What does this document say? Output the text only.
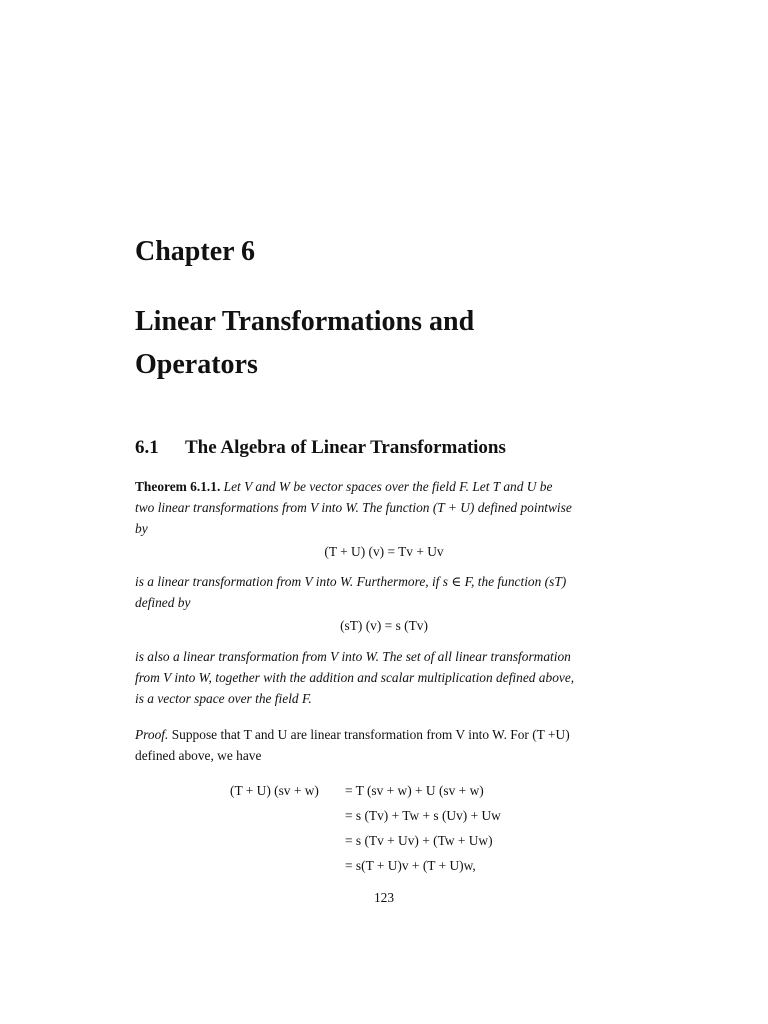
Chapter 6
Linear Transformations and
Operators
6.1 The Algebra of Linear Transformations
Theorem 6.1.1. Let V and W be vector spaces over the field F. Let T and U be
two linear transformations from V into W. The function (T + U) defined pointwise
by
(T + U) (v) = Tv + Uv
is a linear transformation from V into W. Furthermore, if s ∈ F, the function (sT)
defined by
(sT) (v) = s (Tv)
is also a linear transformation from V into W. The set of all linear transformation
from V into W, together with the addition and scalar multiplication defined above,
is a vector space over the field F.
Proof. Suppose that T and U are linear transformation from V into W. For (T +U)
defined above, we have
(T + U) (sv + w) = T (sv + w) + U (sv + w)
= s (Tv) + Tw + s (Uv) + Uw
= s (Tv + Uv) + (Tw + Uw)
= s(T + U)v + (T + U)w,
123
